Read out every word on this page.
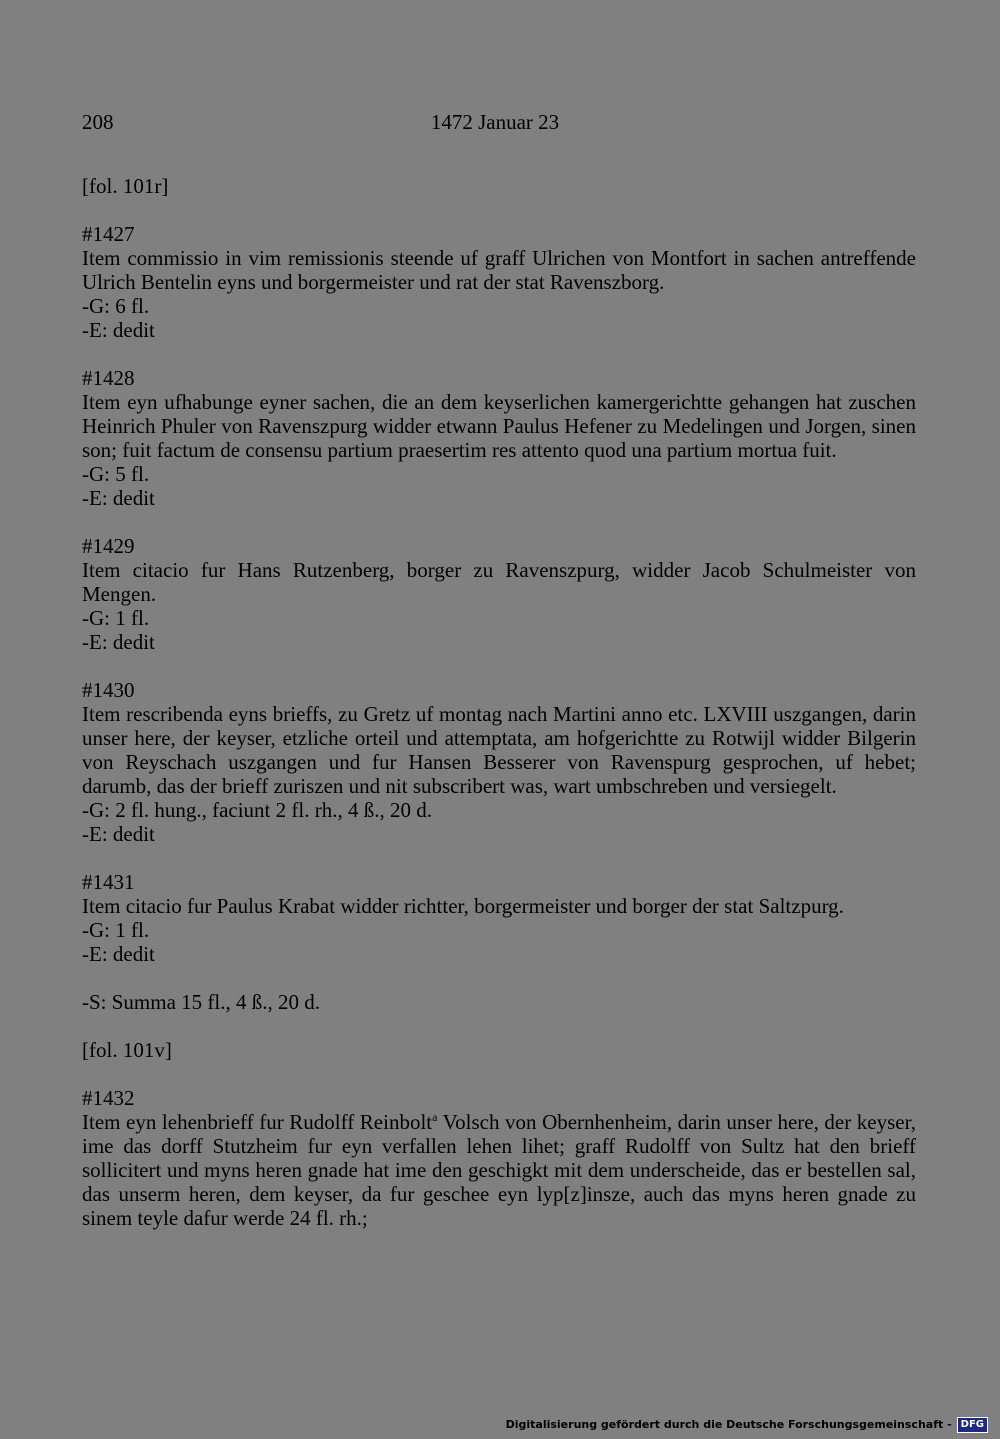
208	1472 Januar 23
[fol. 101r]
#1427
Item commissio in vim remissionis steende uf graff Ulrichen von Montfort in sachen antreffende Ulrich Bentelin eyns und borgermeister und rat der stat Ravenszborg.
-G: 6 fl.
-E: dedit
#1428
Item eyn ufhabunge eyner sachen, die an dem keyserlichen kamergerichtte gehangen hat zuschen Heinrich Phuler von Ravenszpurg widder etwann Paulus Hefener zu Medelingen und Jorgen, sinen son; fuit factum de consensu partium praesertim res attento quod una partium mortua fuit.
-G: 5 fl.
-E: dedit
#1429
Item citacio fur Hans Rutzenberg, borger zu Ravenszpurg, widder Jacob Schulmeister von Mengen.
-G: 1 fl.
-E: dedit
#1430
Item rescribenda eyns brieffs, zu Gretz uf montag nach Martini anno etc. LXVIII uszgangen, darin unser here, der keyser, etzliche orteil und attemptata, am hofgerichtte zu Rotwijl widder Bilgerin von Reyschach uszgangen und fur Hansen Besserer von Ravenspurg gesprochen, uf hebet; darumb, das der brieff zuriszen und nit subscribert was, wart umbschreben und versiegelt.
-G: 2 fl. hung., faciunt 2 fl. rh., 4 ß., 20 d.
-E: dedit
#1431
Item citacio fur Paulus Krabat widder richtter, borgermeister und borger der stat Saltzpurg.
-G: 1 fl.
-E: dedit
-S: Summa 15 fl., 4 ß., 20 d.
[fol. 101v]
#1432
Item eyn lehenbrieff fur Rudolff Reinbolt$^a$ Volsch von Obernhenheim, darin unser here, der keyser, ime das dorff Stutzheim fur eyn verfallen lehen lihet; graff Rudolff von Sultz hat den brieff sollicitert und myns heren gnade hat ime den geschigkt mit dem underscheide, das er bestellen sal, das unserm heren, dem keyser, da fur geschee eyn lyp[z]insze, auch das myns heren gnade zu sinem teyle dafur werde 24 fl. rh.;
Digitalisierung gefördert durch die Deutsche Forschungsgemeinschaft - DFG
